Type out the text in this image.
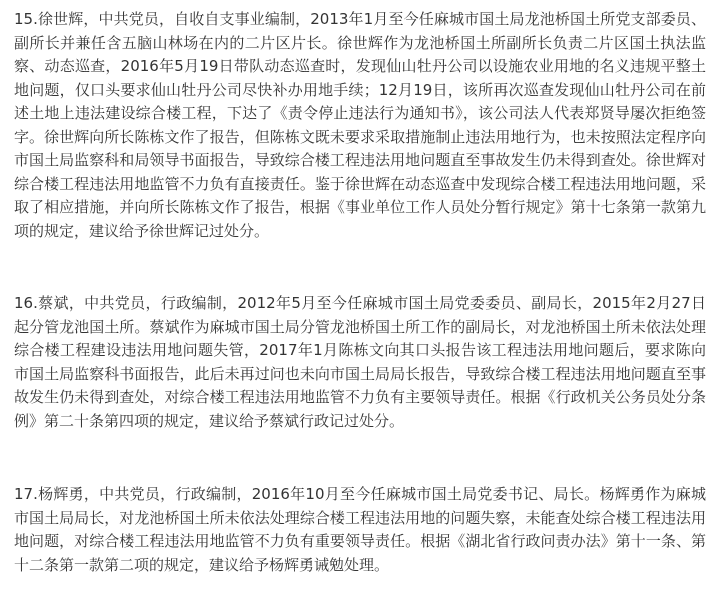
15.徐世辉，中共党员，自收自支事业编制，2013年1月至今任麻城市国土局龙池桥国土所党支部委员、副所长并兼任含五脑山林场在内的二片区片长。徐世辉作为龙池桥国土所副所长负责二片区国土执法监察、动态巡查，2016年5月19日带队动态巡查时，发现仙山牡丹公司以设施农业用地的名义违规平整土地问题，仅口头要求仙山牡丹公司尽快补办用地手续；12月19日，该所再次巡查发现仙山牡丹公司在前述土地上违法建设综合楼工程，下达了《责令停止违法行为通知书》，该公司法人代表郑贤导屡次拒绝签字。徐世辉向所长陈栋文作了报告，但陈栋文既未要求采取措施制止违法用地行为，也未按照法定程序向市国土局监察科和局领导书面报告，导致综合楼工程违法用地问题直至事故发生仍未得到查处。徐世辉对综合楼工程违法用地监管不力负有直接责任。鉴于徐世辉在动态巡查中发现综合楼工程违法用地问题，采取了相应措施，并向所长陈栋文作了报告，根据《事业单位工作人员处分暂行规定》第十七条第一款第九项的规定，建议给予徐世辉记过处分。

16.蔡斌，中共党员，行政编制，2012年5月至今任麻城市国土局党委委员、副局长，2015年2月27日起分管龙池国土所。蔡斌作为麻城市国土局分管龙池桥国土所工作的副局长，对龙池桥国土所未依法处理综合楼工程建设违法用地问题失管，2017年1月陈栋文向其口头报告该工程违法用地问题后，要求陈向市国土局监察科书面报告，此后未再过问也未向市国土局局长报告，导致综合楼工程违法用地问题直至事故发生仍未得到查处，对综合楼工程违法用地监管不力负有主要领导责任。根据《行政机关公务员处分条例》第二十条第四项的规定，建议给予蔡斌行政记过处分。

17.杨辉勇，中共党员，行政编制，2016年10月至今任麻城市国土局党委书记、局长。杨辉勇作为麻城市国土局局长，对龙池桥国土所未依法处理综合楼工程违法用地的问题失察，未能查处综合楼工程违法用地问题，对综合楼工程违法用地监管不力负有重要领导责任。根据《湖北省行政问责办法》第十一条、第十二条第一款第二项的规定，建议给予杨辉勇诫勉处理。
